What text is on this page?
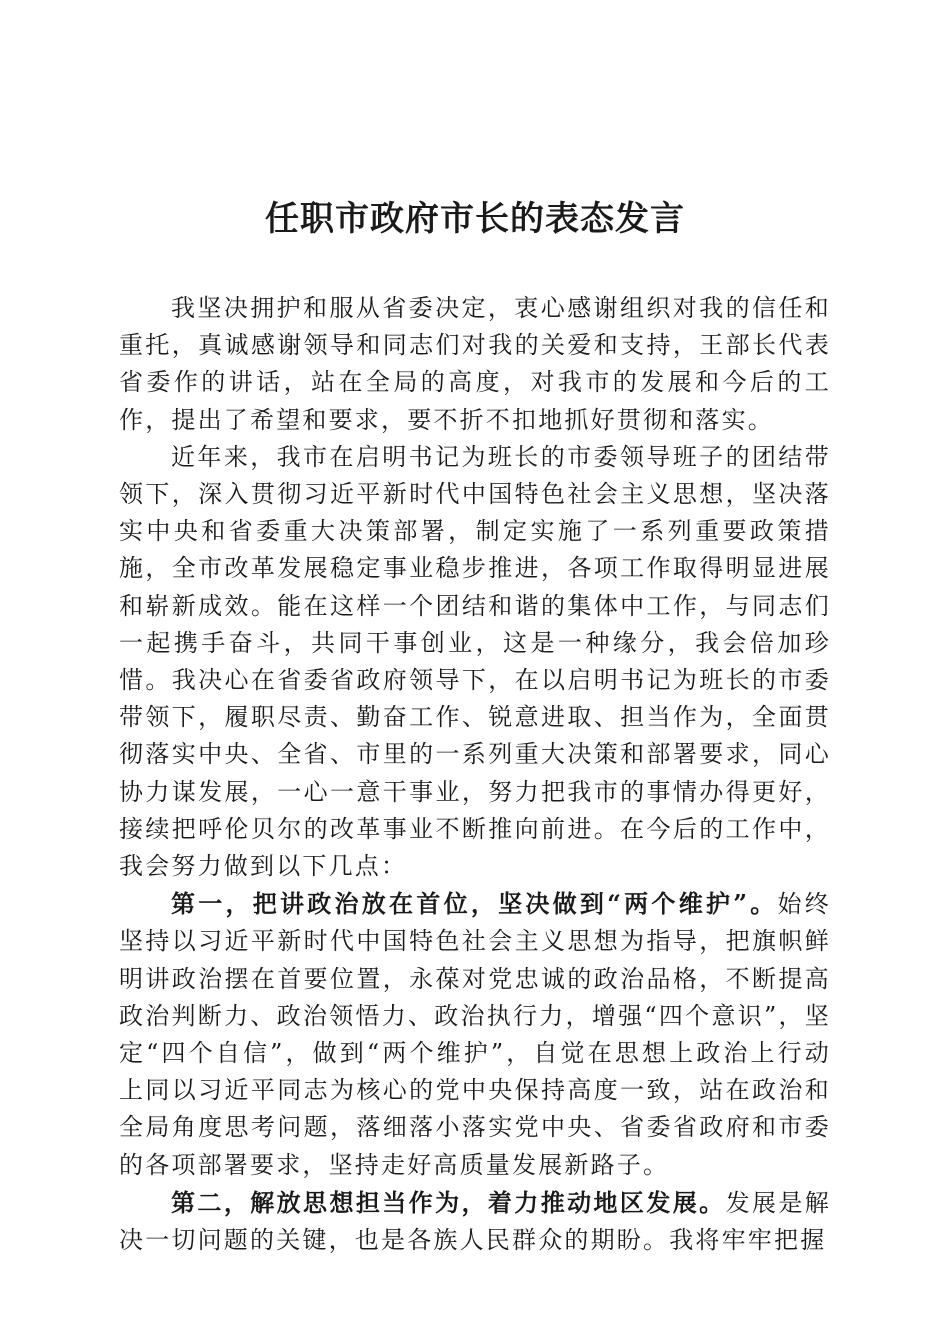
任职市政府市长的表态发言

我坚决拥护和服从省委决定，衷心感谢组织对我的信任和重托，真诚感谢领导和同志们对我的关爱和支持，王部长代表省委作的讲话，站在全局的高度，对我市的发展和今后的工作，提出了希望和要求，要不折不扣地抓好贯彻和落实。

近年来，我市在启明书记为班长的市委领导班子的团结带领下，深入贯彻习近平新时代中国特色社会主义思想，坚决落实中央和省委重大决策部署，制定实施了一系列重要政策措施，全市改革发展稳定事业稳步推进，各项工作取得明显进展和崭新成效。能在这样一个团结和谐的集体中工作，与同志们一起携手奋斗，共同干事创业，这是一种缘分，我会倍加珍惜。我决心在省委省政府领导下，在以启明书记为班长的市委带领下，履职尽责、勤奋工作、锐意进取、担当作为，全面贯彻落实中央、全省、市里的一系列重大决策和部署要求，同心协力谋发展，一心一意干事业，努力把我市的事情办得更好，接续把呼伦贝尔的改革事业不断推向前进。在今后的工作中，我会努力做到以下几点：

第一，把讲政治放在首位，坚决做到“两个维护”。始终坚持以习近平新时代中国特色社会主义思想为指导，把旗帜鲜明讲政治摆在首要位置，永葆对党忠诚的政治品格，不断提高政治判断力、政治领悟力、政治执行力，增强“四个意识”，坚定“四个自信”，做到“两个维护”，自觉在思想上政治上行动上同以习近平同志为核心的党中央保持高度一致，站在政治和全局角度思考问题，落细落小落实党中央、省委省政府和市委的各项部署要求，坚持走好高质量发展新路子。

第二，解放思想担当作为，着力推动地区发展。发展是解决一切问题的关键，也是各族人民群众的期盼。我将牢牢把握
